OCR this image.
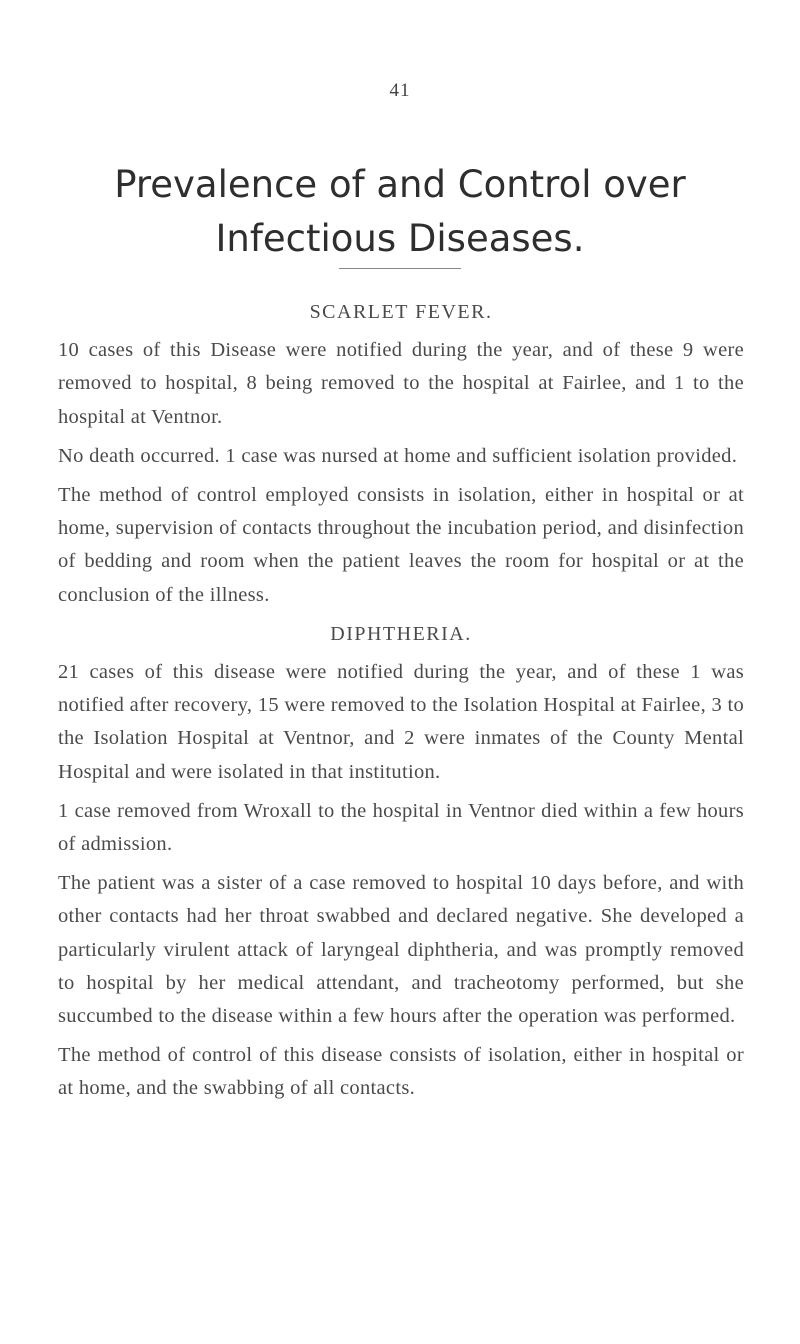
41
Prevalence of and Control over Infectious Diseases.

SCARLET FEVER.

10 cases of this Disease were notified during the year, and of these 9 were removed to hospital, 8 being removed to the hospital at Fairlee, and 1 to the hospital at Ventnor.

No death occurred. 1 case was nursed at home and sufficient isolation provided.

The method of control employed consists in isolation, either in hospital or at home, supervision of contacts throughout the incubation period, and disinfection of bedding and room when the patient leaves the room for hospital or at the conclusion of the illness.

DIPHTHERIA.

21 cases of this disease were notified during the year, and of these 1 was notified after recovery, 15 were removed to the Isolation Hospital at Fairlee, 3 to the Isolation Hospital at Ventnor, and 2 were inmates of the County Mental Hospital and were isolated in that institution.

1 case removed from Wroxall to the hospital in Ventnor died within a few hours of admission.

The patient was a sister of a case removed to hospital 10 days before, and with other contacts had her throat swabbed and declared negative. She developed a particularly virulent attack of laryngeal diphtheria, and was promptly removed to hospital by her medical attendant, and tracheotomy performed, but she succumbed to the disease within a few hours after the operation was performed.

The method of control of this disease consists of isolation, either in hospital or at home, and the swabbing of all contacts.
